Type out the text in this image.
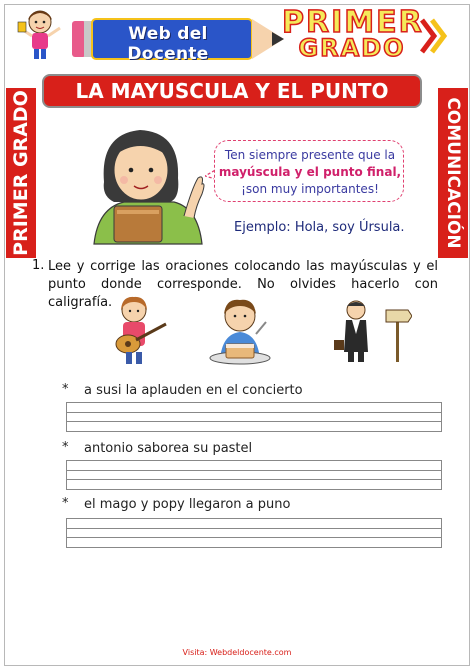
Web del Docente
PRIMER
GRADO
PRIMER GRADO	COMUNICACIÓN
LA MAYUSCULA Y EL PUNTO
Ten siempre presente que la
mayúscula y el punto final,
¡son muy importantes!
Ejemplo: Hola, soy Úrsula.
1. Lee y corrige las oraciones colocando las mayúsculas y el punto donde corresponde. No olvides hacerlo con caligrafía.
* a susi la aplauden en el concierto
* antonio saborea su pastel
* el mago y popy llegaron a puno
Visita: Webdeldocente.com
